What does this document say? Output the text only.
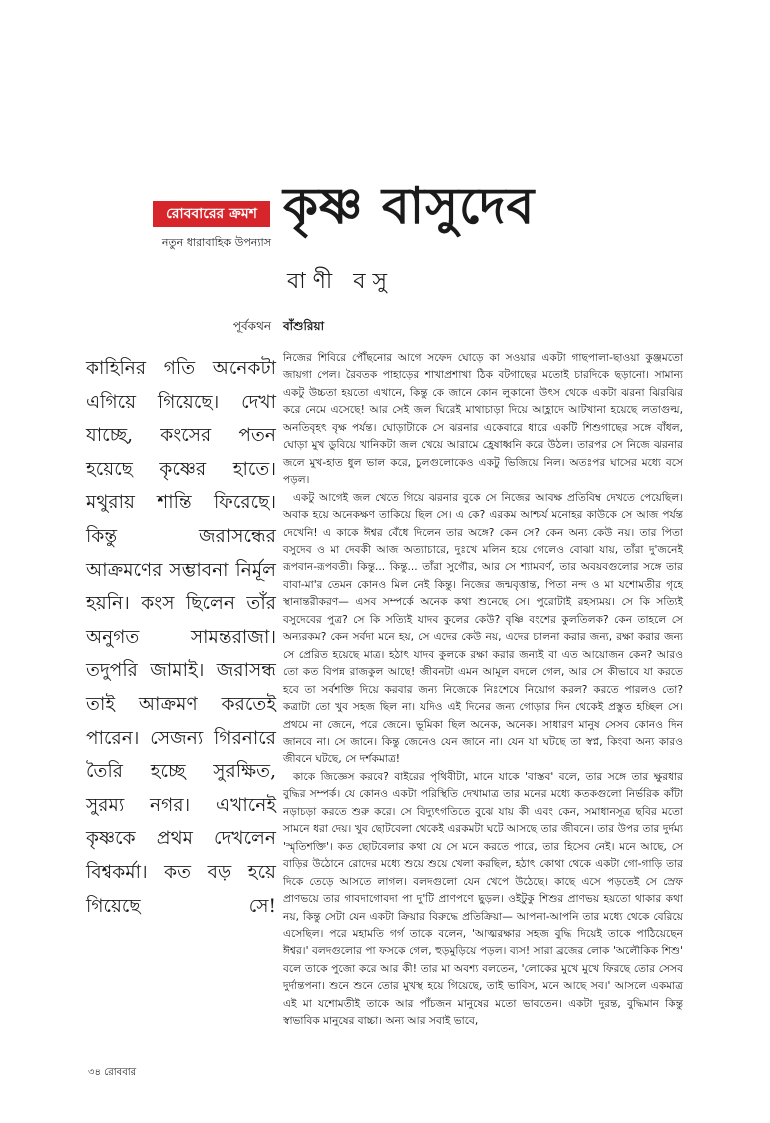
রোববারের ক্রমশ
নতুন ধারাবাহিক উপন্যাস
কৃষ্ণ বাসুদেব
বাণী বসু
পূর্বকথন
কাহিনির গতি অনেকটা এগিয়ে গিয়েছে। দেখা যাচ্ছে, কংসের পতন হয়েছে কৃষ্ণের হাতে। মথুরায় শান্তি ফিরেছে। কিন্তু জরাসন্ধের আক্রমণের সম্ভাবনা নির্মূল হয়নি। কংস ছিলেন তাঁর অনুগত সামন্তরাজা। তদুপরি জামাই। জরাসন্ধ তাই আক্রমণ করতেই পারেন। সেজন্য গিরনারে তৈরি হচ্ছে সুরক্ষিত, সুরম্য নগর। এখানেই কৃষ্ণকে প্রথম দেখলেন বিশ্বকর্মা। কত বড় হয়ে গিয়েছে সে!
বাঁশুরিয়া

নিজের শিবিরে পৌঁছনোর আগে সফেদ ঘোড়ে কা সওয়ার একটা গাছপালা-ছাওয়া কুঞ্জমতো জায়গা পেল। রৈবতক পাহাড়ের শাখাপ্রশাখা ঠিক বটগাছের মতোই চারদিকে ছড়ানো। সামান্য একটু উচ্চতা হয়তো এখানে, কিন্তু কে জানে কোন লুকানো উৎস থেকে একটা ঝরনা ঝিরঝির করে নেমে এসেছে! আর সেই জল ঘিরেই মাথাচাড়া দিয়ে আহ্লাদে আটখানা হয়েছে লতাগুল্ম, অনতিবৃহৎ বৃক্ষ পর্যন্ত। ঘোড়াটাকে সে ঝরনার একেবারে ধারে একটি শিশুগাছের সঙ্গে বাঁধল, ঘোড়া মুখ ডুবিয়ে খানিকটা জল খেয়ে আরামে হ্রেষাধ্বনি করে উঠল। তারপর সে নিজে ঝরনার জলে মুখ-হাত ধুল ভাল করে, চুলগুলোকেও একটু ভিজিয়ে নিল। অতঃপর ঘাসের মধ্যে বসে পড়ল।

একটু আগেই জল খেতে গিয়ে ঝরনার বুকে সে নিজের আবক্ষ প্রতিবিম্ব দেখতে পেয়েছিল। অবাক হয়ে অনেকক্ষণ তাকিয়ে ছিল সে। এ কে? এরকম আশ্চর্য মনোহর কাউকে সে আজ পর্যন্ত দেখেনি! এ কাকে ঈশ্বর বেঁধে দিলেন তার অঙ্গে? কেন সে? কেন অন্য কেউ নয়। তার পিতা বসুদেব ও মা দেবকী আজ অত্যাচারে, দুঃখে মলিন হয়ে গেলেও বোঝা যায়, তাঁরা দু'জনেই রূপবান-রূপবতী। কিন্তু... কিন্তু... তাঁরা সুগৌর, আর সে শ্যামবর্ণ, তার অবয়বগুলোর সঙ্গে তার বাবা-মা'র তেমন কোনও মিল নেই কিন্তু। নিজের জন্মবৃত্তান্ত, পিতা নন্দ ও মা যশোমতীর গৃহে স্থানান্তরীকরণ— এসব সম্পর্কে অনেক কথা শুনেছে সে। পুরোটাই রহস্যময়। সে কি সত্যিই বসুদেবের পুত্র? সে কি সত্যিই যাদব কুলের কেউ? বৃষ্ণি বংশের কুলতিলক? কেন তাহলে সে অন্যরকম? কেন সর্বদা মনে হয়, সে এদের কেউ নয়, এদের চালনা করার জন্য, রক্ষা করার জন্য সে প্রেরিত হয়েছে মাত্র। হঠাৎ যাদব কুলকে রক্ষা করার জন্যই বা এত আয়োজন কেন? আরও তো কত বিপন্ন রাজকুল আছে! জীবনটা এমন আমূল বদলে গেল, আর সে কীভাবে যা করতে হবে তা সর্বশক্তি দিয়ে করবার জন্য নিজেকে নিঃশেষে নিয়োগ করল? করতে পারলও তো? কত্রাটা তো খুব সহজ ছিল না। যদিও এই দিনের জন্য গোড়ার দিন থেকেই প্রস্তুত হচ্ছিল সে। প্রথমে না জেনে, পরে জেনে। ভূমিকা ছিল অনেক, অনেক। সাধারণ মানুষ সেসব কোনও দিন জানবে না। সে জানে। কিন্তু জেনেও যেন জানে না। যেন যা ঘটছে তা স্বপ্ন, কিংবা অন্য কারও জীবনে ঘটছে, সে দর্শকমাত্র!

কাকে জিজ্ঞেস করবে? বাইরের পৃথিবীটা, মানে যাকে 'বাস্তব' বলে, তার সঙ্গে তার ক্ষুরধার বুদ্ধির সম্পর্ক। যে কোনও একটা পরিস্থিতি দেখামাত্র তার মনের মধ্যে কতকগুলো নির্ভরিক কাঁটা নড়াচড়া করতে শুরু করে। সে বিদ্যুৎগতিতে বুঝে যায় কী এবং কেন, সমাধানসূত্র ছবির মতো সামনে ধরা দেয়। খুব ছোটবেলা থেকেই এরকমটা ঘটে আসছে তার জীবনে। তার উপর তার দুর্দম্য 'স্মৃতিশক্তি'। কত ছোটবেলার কথা যে সে মনে করতে পারে, তার হিসেব নেই। মনে আছে, সে বাড়ির উঠোনে রোদের মধ্যে শুয়ে শুয়ে খেলা করছিল, হঠাৎ কোথা থেকে একটা গো-গাড়ি তার দিকে তেড়ে আসতে লাগল। বলদগুলো যেন খেপে উঠেছে। কাছে এসে পড়তেই সে স্রেফ প্রাণভয়ে তার গাবদাগোবদা পা দু'টি প্রাণপণে ছুড়ল। ওইটুকু শিশুর প্রাণভয় হয়তো থাকার কথা নয়, কিন্তু সেটা যেন একটা ক্রিয়ার বিরুদ্ধে প্রতিক্রিয়া— আপনা-আপনি তার মধ্যে থেকে বেরিয়ে এসেছিল। পরে মহামতি গর্গ তাকে বলেন, 'আত্মরক্ষার সহজ বুদ্ধি দিয়েই তাকে পাঠিয়েছেন ঈশ্বর।' বলদগুলোর পা ফসকে গেল, হুড়মুড়িয়ে পড়ল। ব্যস! সারা ব্রজের লোক 'অলৌকিক শিশু' বলে তাকে পুজো করে আর কী! তার মা অবশ্য বলতেন, 'লোকের মুখে মুখে ফিরছে তোর সেসব দুর্দান্তপনা। শুনে শুনে তোর মুখস্থ হয়ে গিয়েছে, তাই ভাবিস, মনে আছে সব।' আসলে একমাত্র এই মা যশোমতীই তাকে আর পাঁচজন মানুষের মতো ভাবতেন। একটা দুরন্ত, বুদ্ধিমান কিন্তু স্বাভাবিক মানুষের বাচ্চা। অন্য আর সবাই ভাবে,

৩৪ রোববার
